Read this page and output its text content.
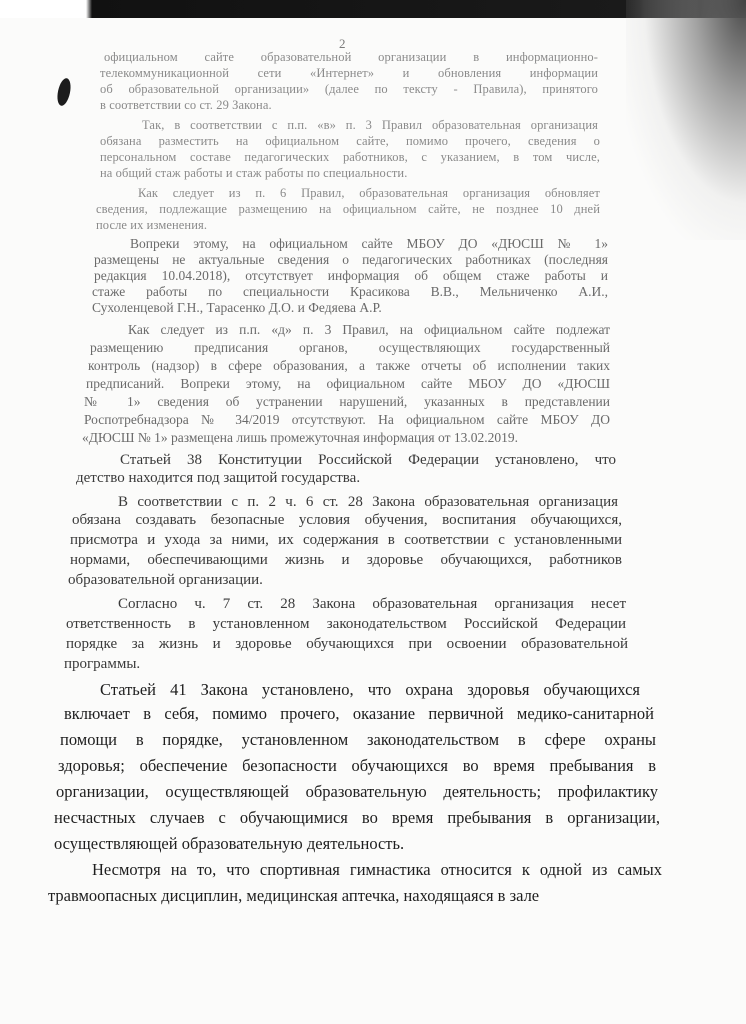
2
официальном сайте образовательной организации в информационно-
телекоммуникационной сети «Интернет» и обновления информации
об образовательной организации» (далее по тексту - Правила), принятого
в соответствии со ст. 29 Закона.
Так, в соответствии с п.п. «в» п. 3 Правил образовательная организация
обязана разместить на официальном сайте, помимо прочего, сведения о
персональном составе педагогических работников, с указанием, в том числе,
на общий стаж работы и стаж работы по специальности.
Как следует из п. 6 Правил, образовательная организация обновляет
сведения, подлежащие размещению на официальном сайте, не позднее 10 дней
после их изменения.
Вопреки этому, на официальном сайте МБОУ ДО «ДЮСШ № 1»
размещены не актуальные сведения о педагогических работниках (последняя
редакция 10.04.2018), отсутствует информация об общем стаже работы и
стаже работы по специальности Красикова В.В., Мельниченко А.И.,
Сухоленцевой Г.Н., Тарасенко Д.О. и Федяева А.Р.
Как следует из п.п. «д» п. 3 Правил, на официальном сайте подлежат
размещению предписания органов, осуществляющих государственный
контроль (надзор) в сфере образования, а также отчеты об исполнении таких
предписаний. Вопреки этому, на официальном сайте МБОУ ДО «ДЮСШ
№ 1» сведения об устранении нарушений, указанных в представлении
Роспотребнадзора № 34/2019 отсутствуют. На официальном сайте МБОУ ДО
«ДЮСШ № 1» размещена лишь промежуточная информация от 13.02.2019.
Статьей 38 Конституции Российской Федерации установлено, что
детство находится под защитой государства.
В соответствии с п. 2 ч. 6 ст. 28 Закона образовательная организация
обязана создавать безопасные условия обучения, воспитания обучающихся,
присмотра и ухода за ними, их содержания в соответствии с установленными
нормами, обеспечивающими жизнь и здоровье обучающихся, работников
образовательной организации.
Согласно ч. 7 ст. 28 Закона образовательная организация несет
ответственность в установленном законодательством Российской Федерации
порядке за жизнь и здоровье обучающихся при освоении образовательной
программы.
Статьей 41 Закона установлено, что охрана здоровья обучающихся
включает в себя, помимо прочего, оказание первичной медико-санитарной
помощи в порядке, установленном законодательством в сфере охраны
здоровья; обеспечение безопасности обучающихся во время пребывания в
организации, осуществляющей образовательную деятельность; профилактику
несчастных случаев с обучающимися во время пребывания в организации,
осуществляющей образовательную деятельность.
Несмотря на то, что спортивная гимнастика относится к одной из самых
травмоопасных дисциплин, медицинская аптечка, находящаяся в зале
